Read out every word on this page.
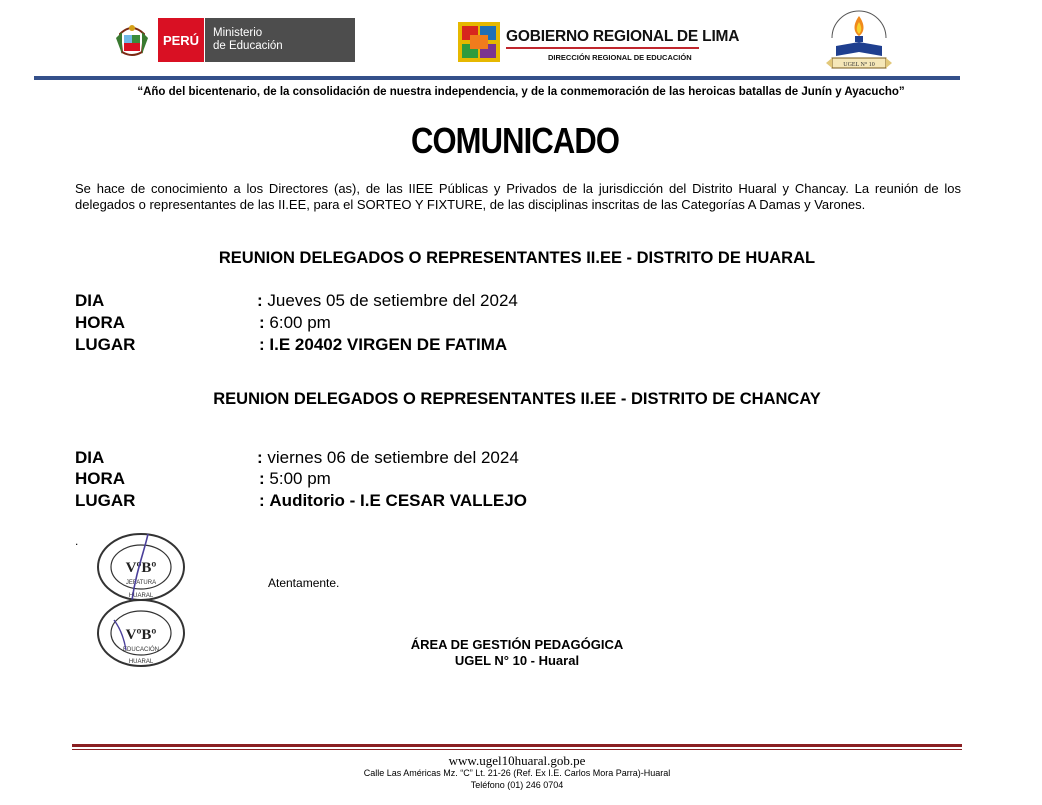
PERÚ	Ministerio
de Educación
GOBIERNO REGIONAL DE LIMA
DIRECCIÓN REGIONAL DE EDUCACIÓN
UGEL N° 10
“Año del bicentenario, de la consolidación de nuestra independencia, y de la conmemoración de las heroicas batallas de Junín y Ayacucho”
COMUNICADO
Se hace de conocimiento a los Directores (as), de las IIEE Públicas y Privados de la jurisdicción del Distrito Huaral y Chancay. La reunión de los delegados o representantes de las II.EE, para el SORTEO Y FIXTURE, de las disciplinas inscritas de las Categorías A Damas y Varones.
REUNION DELEGADOS O REPRESENTANTES II.EE - DISTRITO DE HUARAL
DIA	: Jueves 05 de setiembre del 2024
HORA	: 6:00 pm
LUGAR	: I.E 20402 VIRGEN DE FATIMA
REUNION DELEGADOS O REPRESENTANTES II.EE - DISTRITO DE CHANCAY
DIA	: viernes 06 de setiembre del 2024
HORA	: 5:00 pm
LUGAR	: Auditorio - I.E CESAR VALLEJO
.
VºBº
JEFATURA
HUARAL
Atentamente.
VºBº
EDUCACIÓN
HUARAL
ÁREA DE GESTIÓN PEDAGÓGICA
UGEL N° 10 - Huaral
www.ugel10huaral.gob.pe
Calle Las Américas Mz. “C” Lt. 21-26 (Ref. Ex I.E. Carlos Mora Parra)-Huaral
Teléfono (01) 246 0704
